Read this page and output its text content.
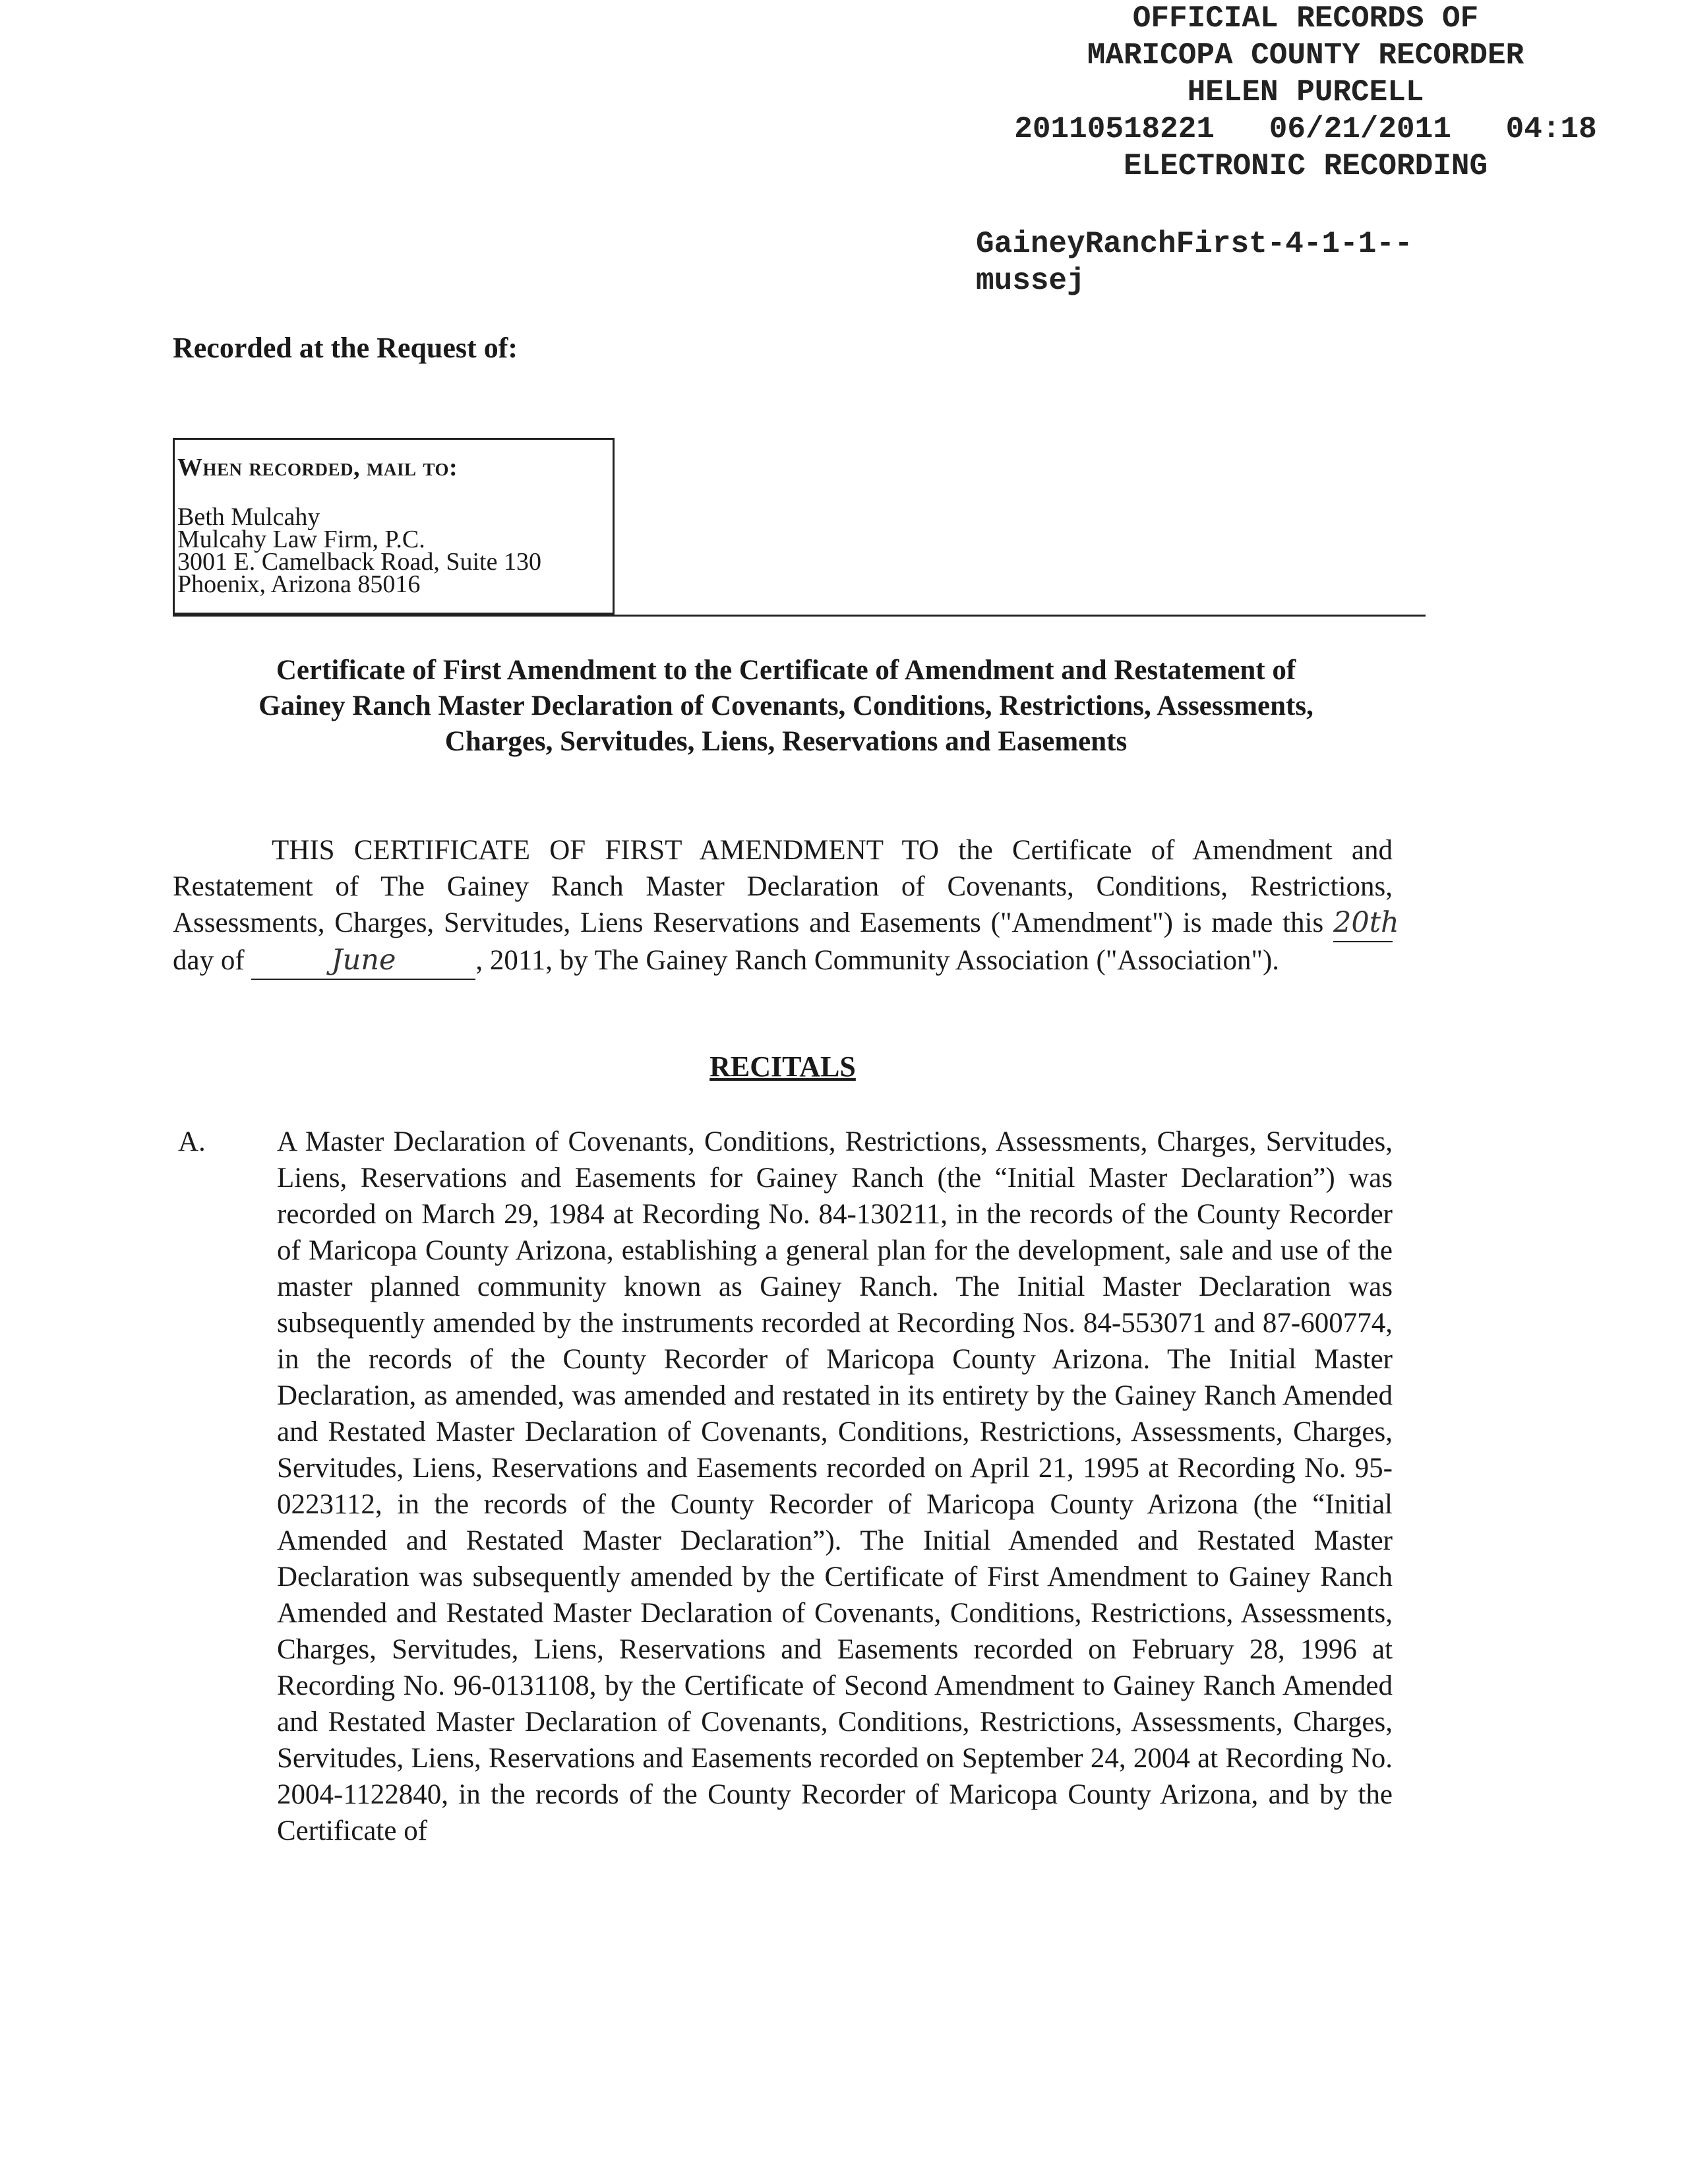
OFFICIAL RECORDS OF
MARICOPA COUNTY RECORDER
HELEN PURCELL
20110518221 06/21/2011 04:18
ELECTRONIC RECORDING
GaineyRanchFirst-4-1-1--
mussej
Recorded at the Request of:
When recorded, mail to:
Beth Mulcahy
Mulcahy Law Firm, P.C.
3001 E. Camelback Road, Suite 130
Phoenix, Arizona 85016
Certificate of First Amendment to the Certificate of Amendment and Restatement of
Gainey Ranch Master Declaration of Covenants, Conditions, Restrictions, Assessments,
Charges, Servitudes, Liens, Reservations and Easements
THIS CERTIFICATE OF FIRST AMENDMENT TO the Certificate of Amendment and Restatement of The Gainey Ranch Master Declaration of Covenants, Conditions, Restrictions, Assessments, Charges, Servitudes, Liens Reservations and Easements ("Amendment") is made this 20thday of	June	, 2011, by The Gainey Ranch Community Association ("Association").
RECITALS
A.	A Master Declaration of Covenants, Conditions, Restrictions, Assessments, Charges, Servitudes, Liens, Reservations and Easements for Gainey Ranch (the “Initial Master Declaration”) was recorded on March 29, 1984 at Recording No. 84-130211, in the records of the County Recorder of Maricopa County Arizona, establishing a general plan for the development, sale and use of the master planned community known as Gainey Ranch. The Initial Master Declaration was subsequently amended by the instruments recorded at Recording Nos. 84-553071 and 87-600774, in the records of the County Recorder of Maricopa County Arizona. The Initial Master Declaration, as amended, was amended and restated in its entirety by the Gainey Ranch Amended and Restated Master Declaration of Covenants, Conditions, Restrictions, Assessments, Charges, Servitudes, Liens, Reservations and Easements recorded on April 21, 1995 at Recording No. 95-0223112, in the records of the County Recorder of Maricopa County Arizona (the “Initial Amended and Restated Master Declaration”). The Initial Amended and Restated Master Declaration was subsequently amended by the Certificate of First Amendment to Gainey Ranch Amended and Restated Master Declaration of Covenants, Conditions, Restrictions, Assessments, Charges, Servitudes, Liens, Reservations and Easements recorded on February 28, 1996 at Recording No. 96-0131108, by the Certificate of Second Amendment to Gainey Ranch Amended and Restated Master Declaration of Covenants, Conditions, Restrictions, Assessments, Charges, Servitudes, Liens, Reservations and Easements recorded on September 24, 2004 at Recording No. 2004-1122840, in the records of the County Recorder of Maricopa County Arizona, and by the Certificate of
